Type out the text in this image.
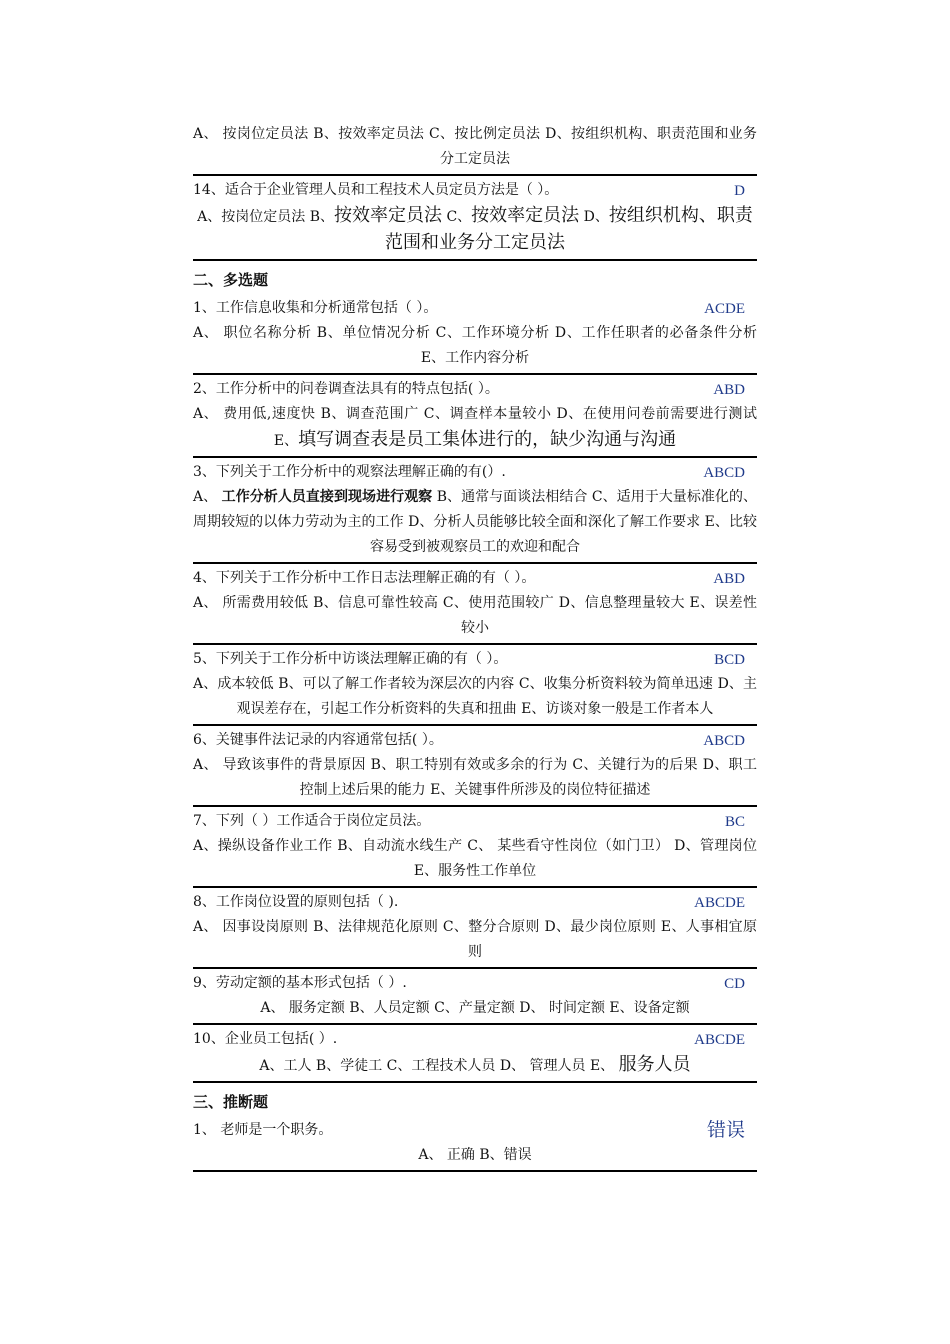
A、 按岗位定员法 B、按效率定员法 C、按比例定员法 D、按组织机构、职责范围和业务分工定员法
14、适合于企业管理人员和工程技术人员定员方法是（ ）。	D
A、按岗位定员法 B、按效率定员法 C、按效率定员法 D、按组织机构、职责范围和业务分工定员法
二、多选题
1、工作信息收集和分析通常包括（ ）。	ACDE
A、 职位名称分析 B、单位情况分析 C、工作环境分析 D、工作任职者的必备条件分析 E、工作内容分析
2、工作分析中的问卷调查法具有的特点包括( ）。	ABD
A、 费用低,速度快 B、调查范围广 C、调查样本量较小 D、在使用问卷前需要进行测试 E、填写调查表是员工集体进行的，缺少沟通与沟通
3、下列关于工作分析中的观察法理解正确的有(）.	ABCD
A、 工作分析人员直接到现场进行观察 B、通常与面谈法相结合 C、适用于大量标准化的、周期较短的以体力劳动为主的工作 D、分析人员能够比较全面和深化了解工作要求 E、比较容易受到被观察员工的欢迎和配合
4、下列关于工作分析中工作日志法理解正确的有（ ）。	ABD
A、 所需费用较低 B、信息可靠性较高 C、使用范围较广 D、信息整理量较大 E、误差性较小
5、下列关于工作分析中访谈法理解正确的有（ ）。	BCD
A、成本较低 B、可以了解工作者较为深层次的内容 C、收集分析资料较为简单迅速 D、主观误差存在，引起工作分析资料的失真和扭曲 E、访谈对象一般是工作者本人
6、关键事件法记录的内容通常包括( ）。	ABCD
A、 导致该事件的背景原因 B、职工特别有效或多余的行为 C、关键行为的后果 D、职工控制上述后果的能力 E、关键事件所涉及的岗位特征描述
7、下列（ ）工作适合于岗位定员法。	BC
A、操纵设备作业工作 B、自动流水线生产 C、 某些看守性岗位（如门卫） D、管理岗位 E、服务性工作单位
8、工作岗位设置的原则包括（ ).	ABCDE
A、 因事设岗原则 B、法律规范化原则 C、整分合原则 D、最少岗位原则 E、人事相宜原则
9、劳动定额的基本形式包括（ ）.	CD
A、 服务定额 B、人员定额 C、产量定额 D、 时间定额 E、设备定额
10、企业员工包括( ）.	ABCDE
A、工人 B、学徒工 C、工程技术人员 D、 管理人员 E、 服务人员
三、推断题
1、 老师是一个职务。	错误
A、 正确 B、错误
